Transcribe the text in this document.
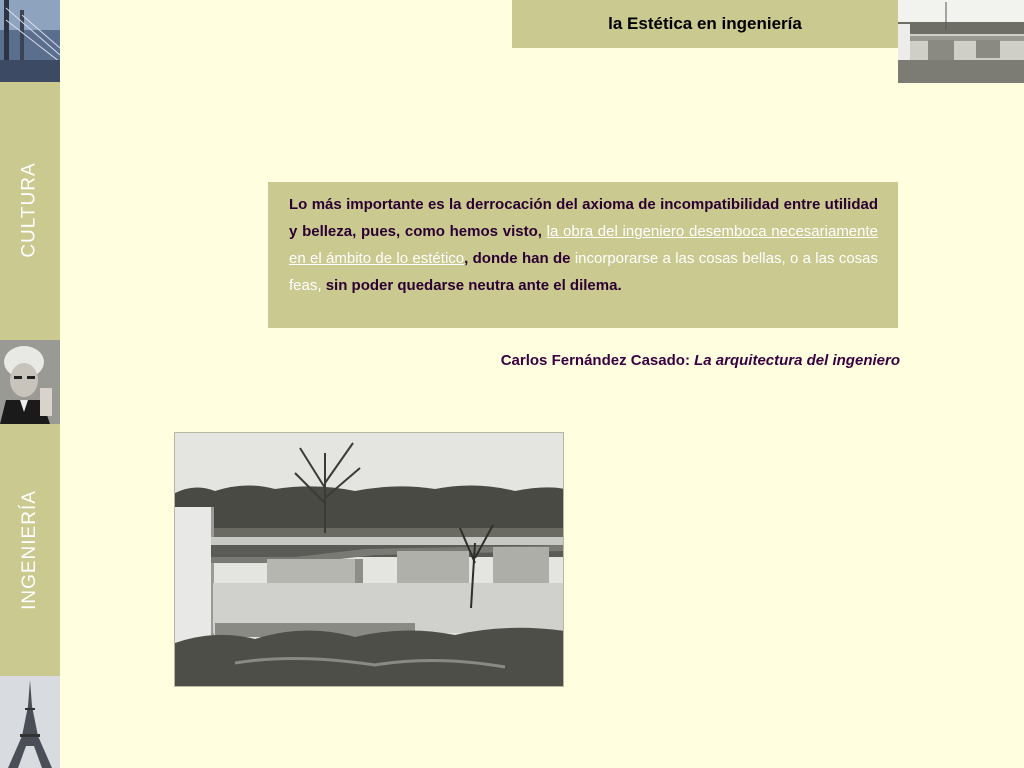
CULTURA
INGENIERÍA
la Estética en ingeniería
Lo más importante es la derrocación del axioma de incompatibilidad entre utilidad y belleza, pues, como hemos visto, la obra del ingeniero desemboca necesariamente en el ámbito de lo estético, donde han de incorporarse a las cosas bellas, o a las cosas feas, sin poder quedarse neutra ante el dilema.
Carlos Fernández Casado: La arquitectura del ingeniero
